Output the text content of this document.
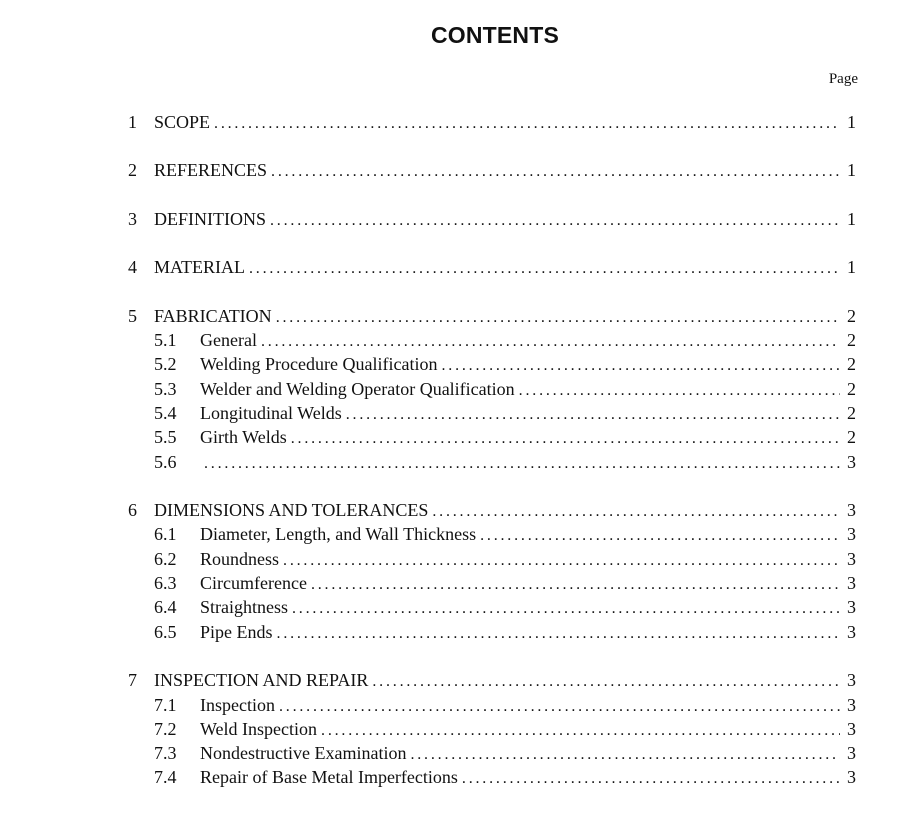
CONTENTS
Page
1 SCOPE . . .	1
2 REFERENCES . . .	1
3 DEFINITIONS . . .	1
4 MATERIAL . . .	1
5 FABRICATION . . .	2
5.1	General . . .	2
5.2	Welding Procedure Qualification . . .	2
5.3	Welder and Welding Operator Qualification . . .	2
5.4	Longitudinal Welds . . .	2
5.5	Girth Welds . . .	2
5.6 . . .	3
6 DIMENSIONS AND TOLERANCES . . .	3
6.1	Diameter, Length, and Wall Thickness . . .	3
6.2	Roundness . . .	3
6.3	Circumference . . .	3
6.4	Straightness . . .	3
6.5	Pipe Ends . . .	3
7 INSPECTION AND REPAIR . . .	3
7.1	Inspection . . .	3
7.2	Weld Inspection . . .	3
7.3	Nondestructive Examination . . .	3
7.4	Repair of Base Metal Imperfections . . .	3
